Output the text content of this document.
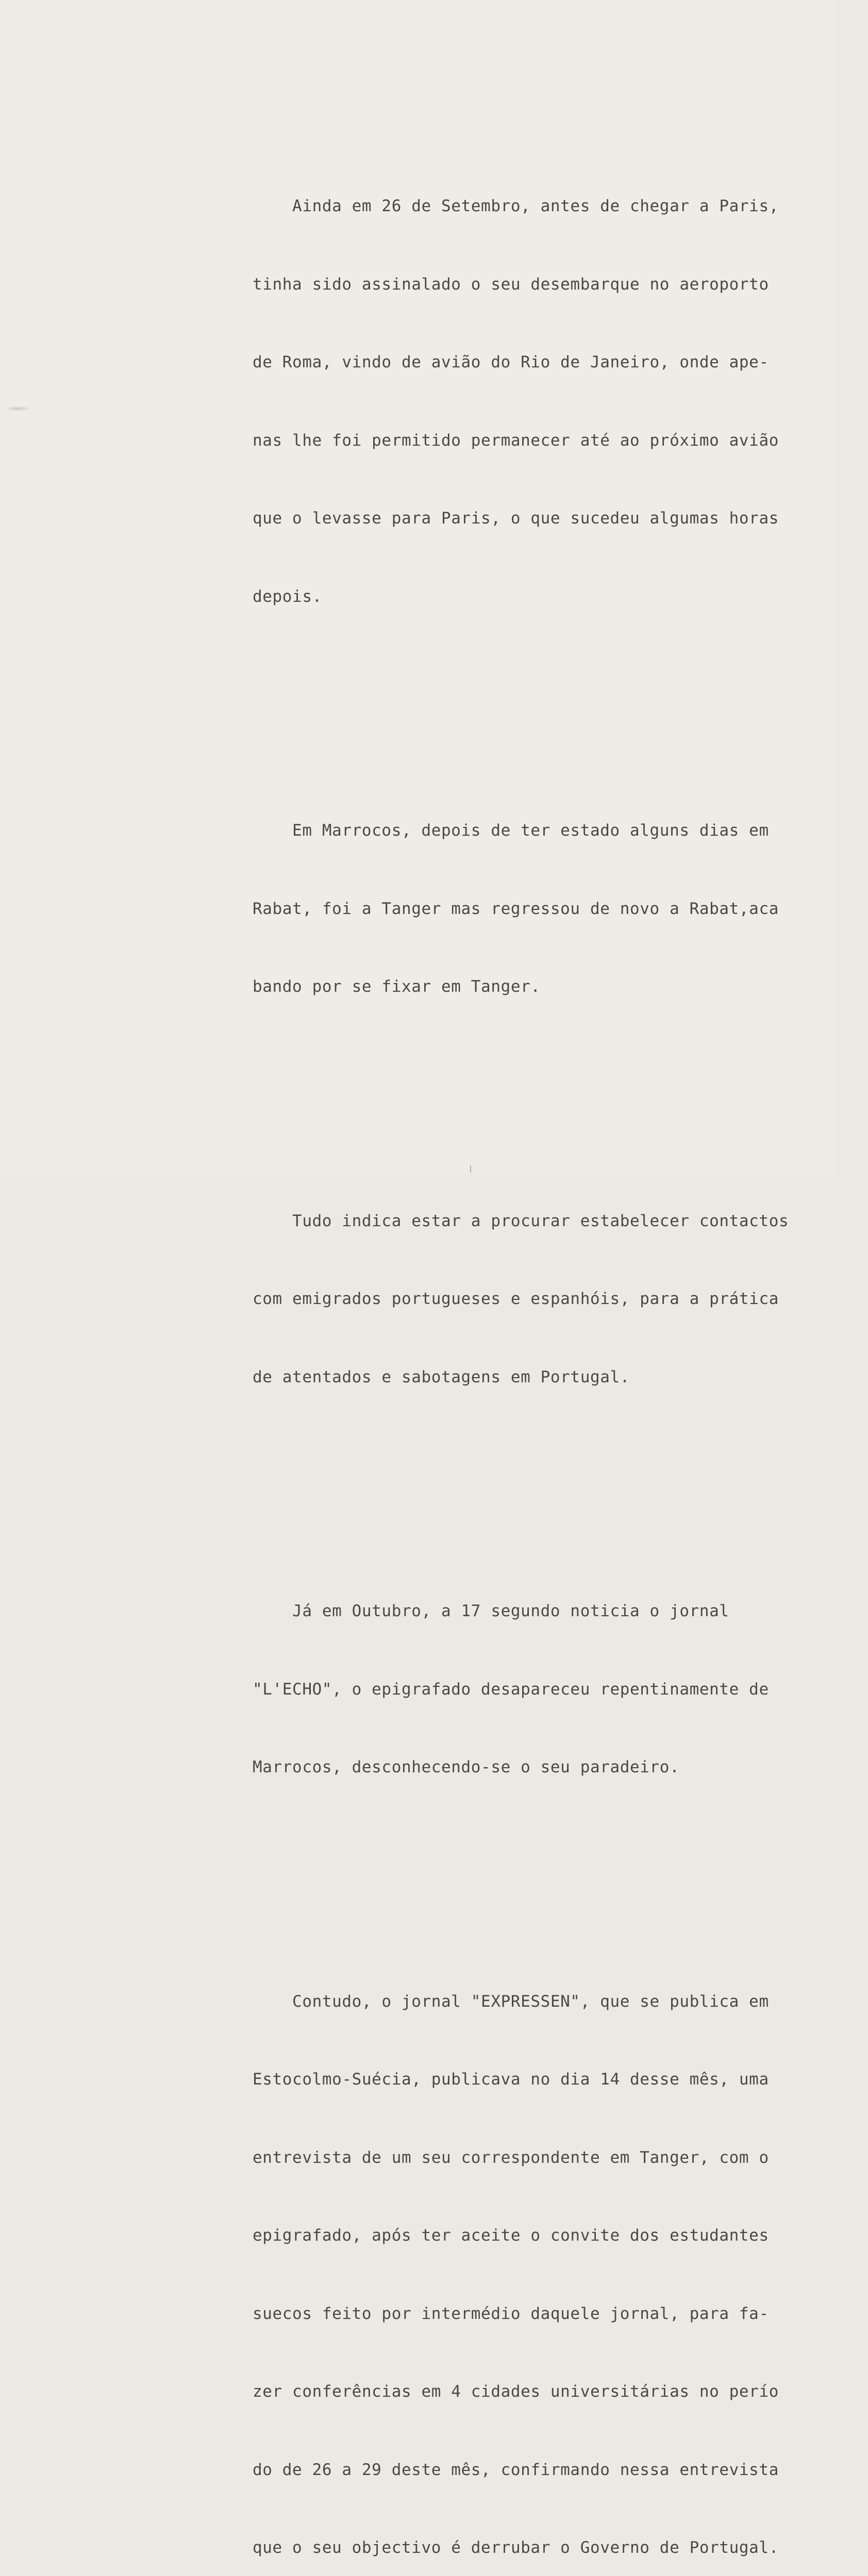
Ainda em 26 de Setembro, antes de chegar a Paris,

tinha sido assinalado o seu desembarque no aeroporto

de Roma, vindo de avião do Rio de Janeiro, onde ape-

nas lhe foi permitido permanecer até ao próximo avião

que o levasse para Paris, o que sucedeu algumas horas

depois.

Em Marrocos, depois de ter estado alguns dias em

Rabat, foi a Tanger mas regressou de novo a Rabat,aca

bando por se fixar em Tanger.

Tudo indica estar a procurar estabelecer contactos

com emigrados portugueses e espanhóis, para a prática

de atentados e sabotagens em Portugal.

Já em Outubro, a 17 segundo noticia o jornal

"L'ECHO", o epigrafado desapareceu repentinamente de

Marrocos, desconhecendo-se o seu paradeiro.

Contudo, o jornal "EXPRESSEN", que se publica em

Estocolmo-Suécia, publicava no dia 14 desse mês, uma

entrevista de um seu correspondente em Tanger, com o

epigrafado, após ter aceite o convite dos estudantes

suecos feito por intermédio daquele jornal, para fa-

zer conferências em 4 cidades universitárias no perío

do de 26 a 29 deste mês, confirmando nessa entrevista

que o seu objectivo é derrubar o Governo de Portugal.
